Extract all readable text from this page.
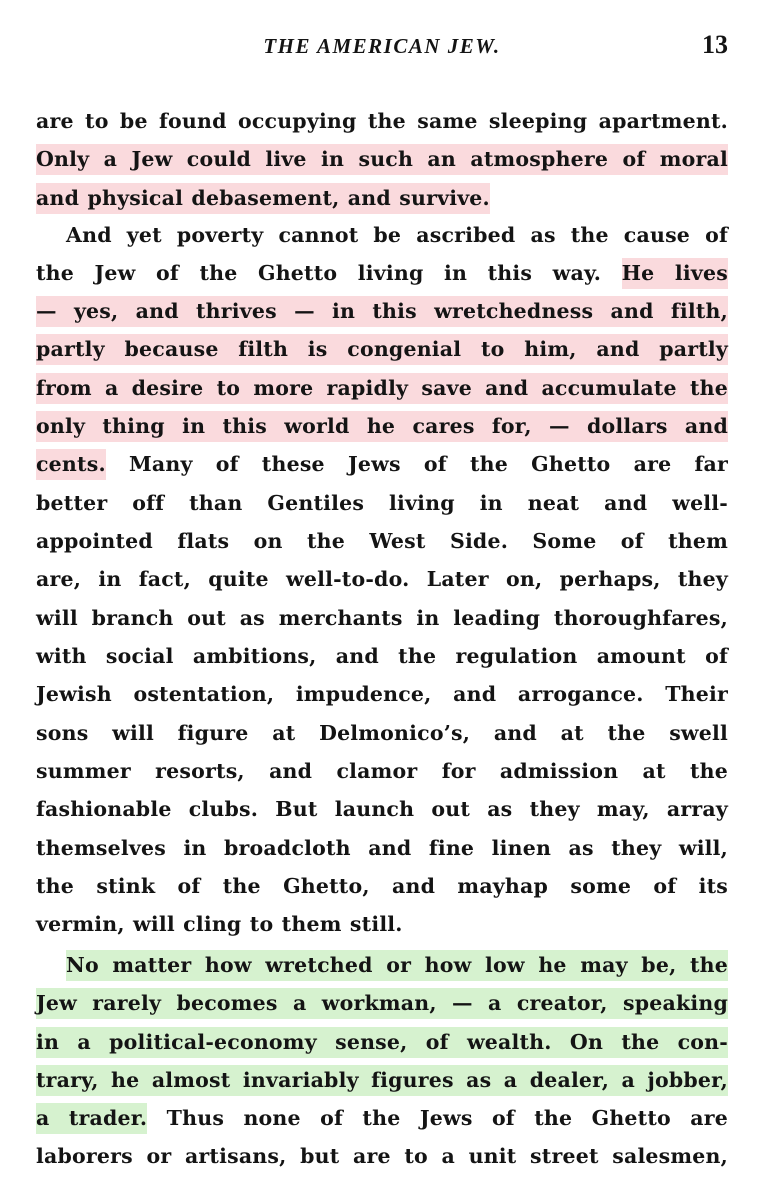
THE AMERICAN JEW.	13
are to be found occupying the same sleeping apartment.
Only a Jew could live in such an atmosphere of moral
and physical debasement, and survive.
And yet poverty cannot be ascribed as the cause of
the Jew of the Ghetto living in this way. He lives
— yes, and thrives — in this wretchedness and filth,
partly because filth is congenial to him, and partly
from a desire to more rapidly save and accumulate the
only thing in this world he cares for, — dollars and
cents. Many of these Jews of the Ghetto are far
better off than Gentiles living in neat and well-
appointed flats on the West Side. Some of them
are, in fact, quite well-to-do. Later on, perhaps, they
will branch out as merchants in leading thoroughfares,
with social ambitions, and the regulation amount of
Jewish ostentation, impudence, and arrogance. Their
sons will figure at Delmonico’s, and at the swell
summer resorts, and clamor for admission at the
fashionable clubs. But launch out as they may, array
themselves in broadcloth and fine linen as they will,
the stink of the Ghetto, and mayhap some of its
vermin, will cling to them still.
No matter how wretched or how low he may be, the
Jew rarely becomes a workman, — a creator, speaking
in a political-economy sense, of wealth. On the con-
trary, he almost invariably figures as a dealer, a jobber,
a trader. Thus none of the Jews of the Ghetto are
laborers or artisans, but are to a unit street salesmen,
